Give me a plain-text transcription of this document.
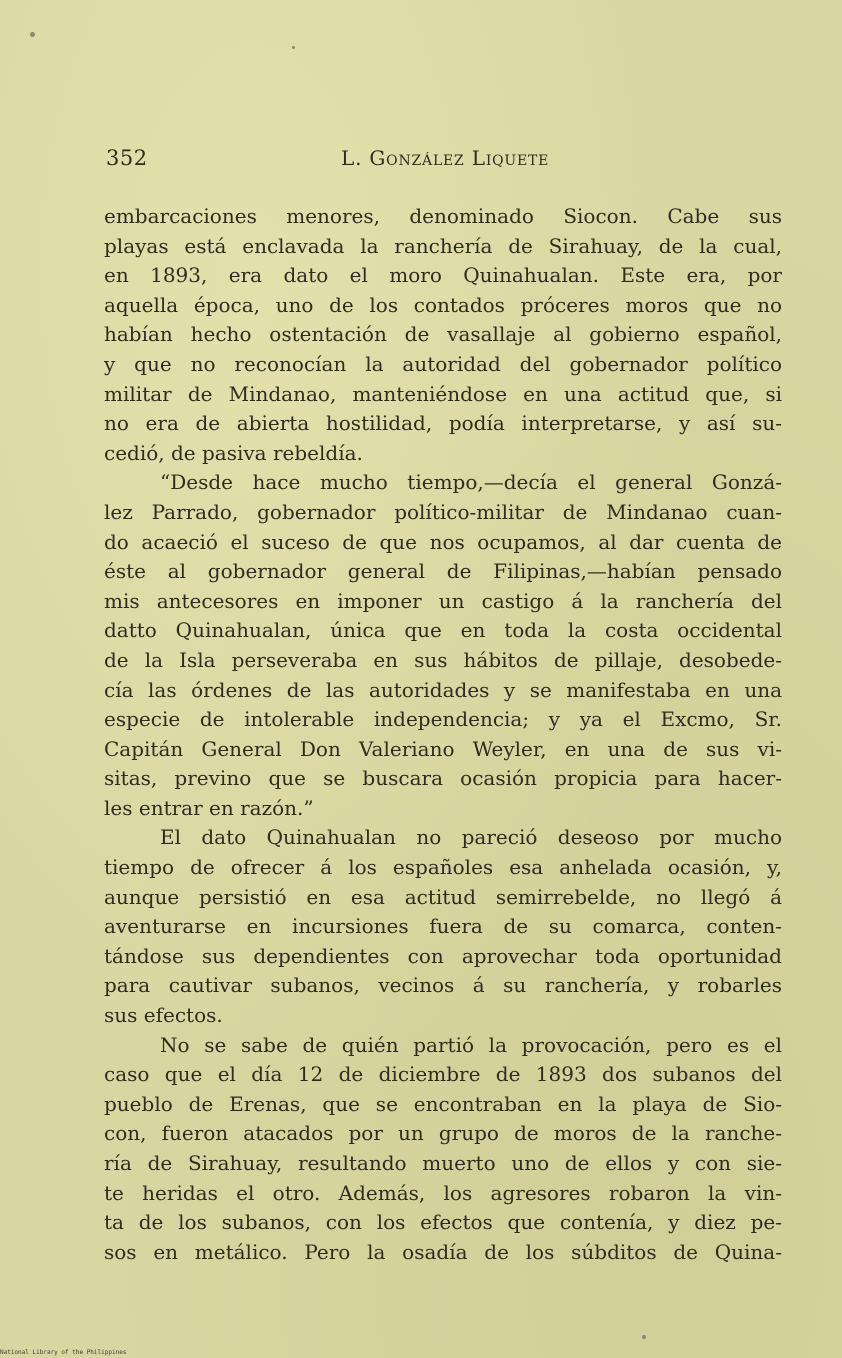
352	L. González Liquete
embarcaciones menores, denominado Siocon. Cabe sus
playas está enclavada la ranchería de Sirahuay, de la cual,
en 1893, era dato el moro Quinahualan. Este era, por
aquella época, uno de los contados próceres moros que no
habían hecho ostentación de vasallaje al gobierno español,
y que no reconocían la autoridad del gobernador político
militar de Mindanao, manteniéndose en una actitud que, si
no era de abierta hostilidad, podía interpretarse, y así su-
cedió, de pasiva rebeldía.
“Desde hace mucho tiempo,—decía el general Gonzá-
lez Parrado, gobernador político-militar de Mindanao cuan-
do acaeció el suceso de que nos ocupamos, al dar cuenta de
éste al gobernador general de Filipinas,—habían pensado
mis antecesores en imponer un castigo á la ranchería del
datto Quinahualan, única que en toda la costa occidental
de la Isla perseveraba en sus hábitos de pillaje, desobede-
cía las órdenes de las autoridades y se manifestaba en una
especie de intolerable independencia; y ya el Excmo, Sr.
Capitán General Don Valeriano Weyler, en una de sus vi-
sitas, previno que se buscara ocasión propicia para hacer-
les entrar en razón.”
El dato Quinahualan no pareció deseoso por mucho
tiempo de ofrecer á los españoles esa anhelada ocasión, y,
aunque persistió en esa actitud semirrebelde, no llegó á
aventurarse en incursiones fuera de su comarca, conten-
tándose sus dependientes con aprovechar toda oportunidad
para cautivar subanos, vecinos á su ranchería, y robarles
sus efectos.
No se sabe de quién partió la provocación, pero es el
caso que el día 12 de diciembre de 1893 dos subanos del
pueblo de Erenas, que se encontraban en la playa de Sio-
con, fueron atacados por un grupo de moros de la ranche-
ría de Sirahuay, resultando muerto uno de ellos y con sie-
te heridas el otro. Además, los agresores robaron la vin-
ta de los subanos, con los efectos que contenía, y diez pe-
sos en metálico. Pero la osadía de los súbditos de Quina-
National Library of the Philippines
